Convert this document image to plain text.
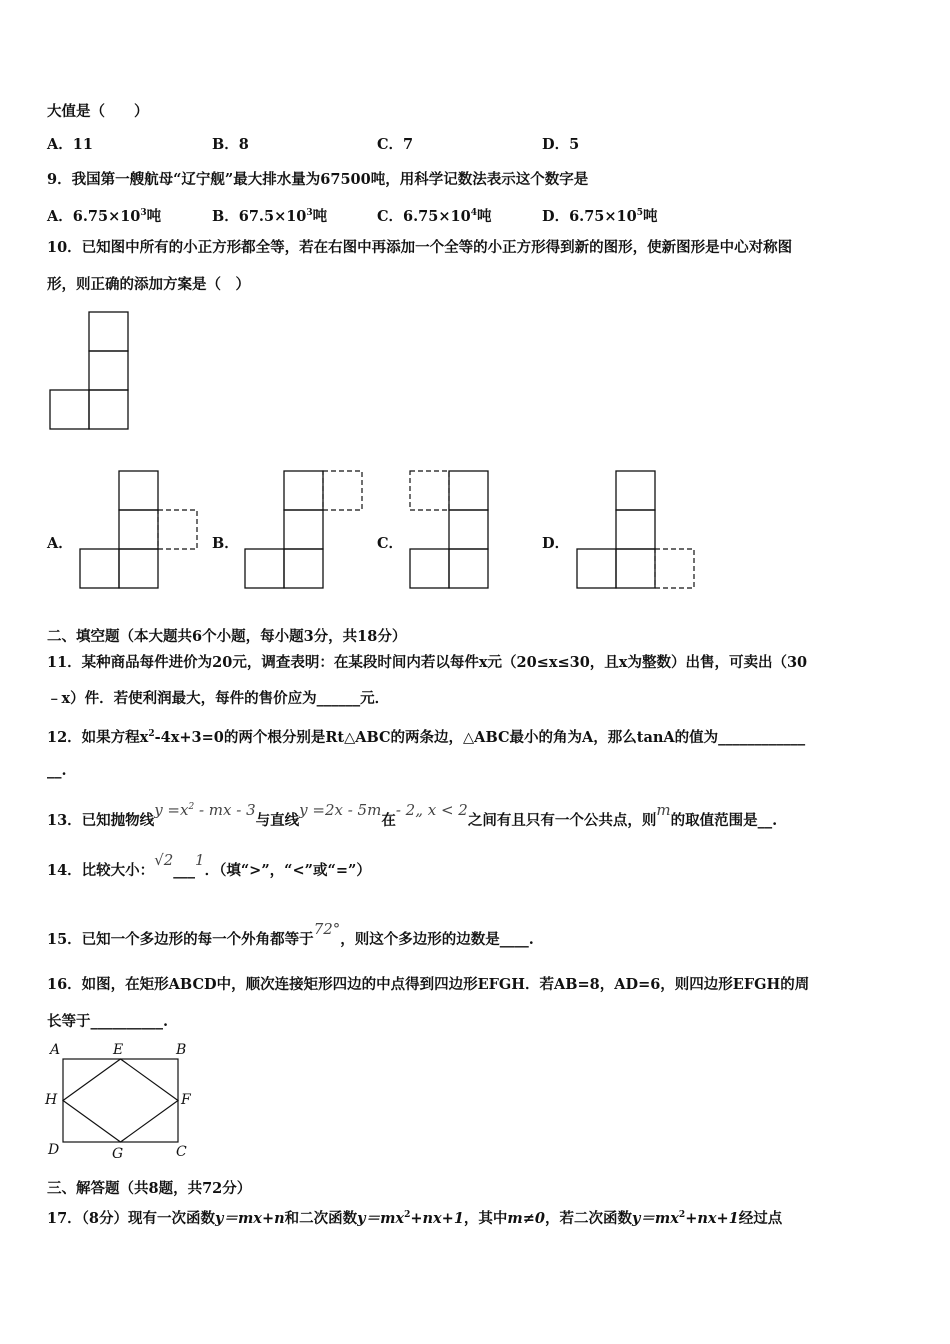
大值是（　　）
A．11	B．8	C．7	D．5
9．我国第一艘航母“辽宁舰”最大排水量为67500吨，用科学记数法表示这个数字是
A．$6.75\times 10^3$吨	B．$67.5\times 10^3$吨	C．$6.75\times 10^4$吨	D．$6.75\times 10^5$吨
10．已知图中所有的小正方形都全等，若在右图中再添加一个全等的小正方形得到新的图形，使新图形是中心对称图
形，则正确的添加方案是（　）
A．	B．	C．	D．
二、填空题（本大题共6个小题，每小题3分，共18分）
11．某种商品每件进价为20元，调查表明：在某段时间内若以每件x元（20≤x≤30，且x为整数）出售，可卖出（30
﹣x）件．若使利润最大，每件的售价应为______元．
12．如果方程$x^2-4x+3=0$的两个根分别是Rt△ABC的两条边，△ABC最小的角为A，那么tanA的值为____________
__.
13．已知抛物线$y =x^2$ - mx - 3与直线y =2x - 5m在- 2„ x < 2之间有且只有一个公共点，则m的取值范围是__.
14．比较大小：√2___1．（填“>”，“<”或“=”）
15．已知一个多边形的每一个外角都等于72°，则这个多边形的边数是____.
16．如图，在矩形ABCD中，顺次连接矩形四边的中点得到四边形EFGH．若AB=8，AD=6，则四边形EFGH的周
长等于__________.
A	E	B
H	F
D	G	C
三、解答题（共8题，共72分）
17．（8分）现有一次函数y＝mx+n和二次函数$y=mx^2+nx+1$，其中m≠0，若二次函数$y=mx^2+nx+1$经过点
